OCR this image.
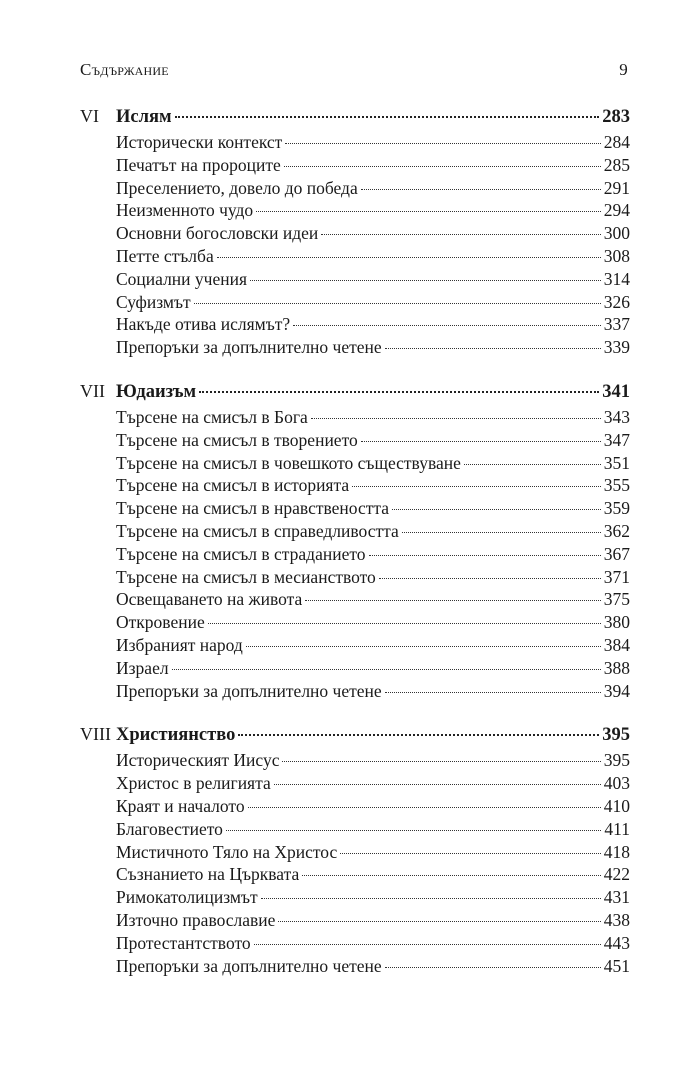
Съдържание	9
VI Ислям	283
Исторически контекст	284
Печатът на пророците	285
Преселението, довело до победа	291
Неизменното чудо	294
Основни богословски идеи	300
Петте стълба	308
Социални учения	314
Суфизмът	326
Накъде отива ислямът?	337
Препоръки за допълнително четене	339
VII Юдаизъм	341
Търсене на смисъл в Бога	343
Търсене на смисъл в творението	347
Търсене на смисъл в човешкото съществуване	351
Търсене на смисъл в историята	355
Търсене на смисъл в нравствеността	359
Търсене на смисъл в справедливостта	362
Търсене на смисъл в страданието	367
Търсене на смисъл в месианството	371
Освещаването на живота	375
Откровение	380
Избраният народ	384
Израел	388
Препоръки за допълнително четене	394
VIII Християнство	395
Историческият Иисус	395
Христос в религията	403
Краят и началото	410
Благовестието	411
Мистичното Тяло на Христос	418
Съзнанието на Църквата	422
Римокатолицизмът	431
Източно православие	438
Протестантството	443
Препоръки за допълнително четене	451
